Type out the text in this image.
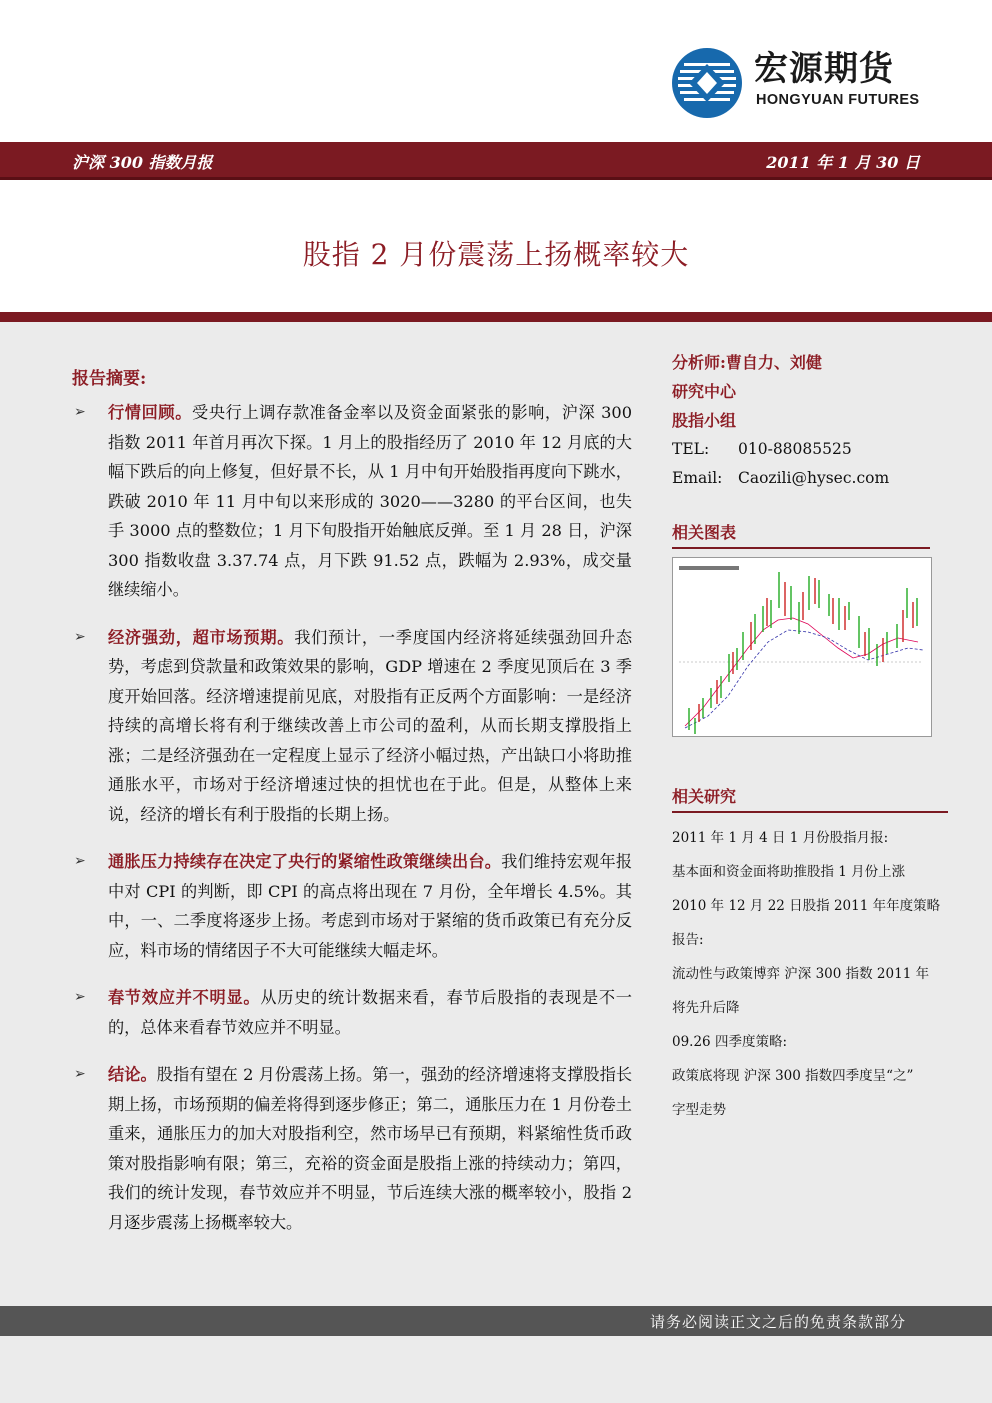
宏源期货
HONGYUAN FUTURES
沪深 300 指数月报	2011 年 1 月 30 日
股指 2 月份震荡上扬概率较大
报告摘要:
➢ 行情回顾。受央行上调存款准备金率以及资金面紧张的影响，沪深 300 指数 2011 年首月再次下探。1 月上的股指经历了 2010 年 12 月底的大幅下跌后的向上修复，但好景不长，从 1 月中旬开始股指再度向下跳水，跌破 2010 年 11 月中旬以来形成的 3020——3280 的平台区间，也失手 3000 点的整数位；1 月下旬股指开始触底反弹。至 1 月 28 日，沪深 300 指数收盘 3.37.74 点，月下跌 91.52 点，跌幅为 2.93%，成交量继续缩小。
➢ 经济强劲，超市场预期。我们预计，一季度国内经济将延续强劲回升态势，考虑到贷款量和政策效果的影响，GDP 增速在 2 季度见顶后在 3 季度开始回落。经济增速提前见底，对股指有正反两个方面影响：一是经济持续的高增长将有利于继续改善上市公司的盈利，从而长期支撑股指上涨；二是经济强劲在一定程度上显示了经济小幅过热，产出缺口小将助推通胀水平，市场对于经济增速过快的担忧也在于此。但是，从整体上来说，经济的增长有利于股指的长期上扬。
➢ 通胀压力持续存在决定了央行的紧缩性政策继续出台。我们维持宏观年报中对 CPI 的判断，即 CPI 的高点将出现在 7 月份，全年增长 4.5%。其中，一、二季度将逐步上扬。考虑到市场对于紧缩的货币政策已有充分反应，料市场的情绪因子不大可能继续大幅走坏。
➢ 春节效应并不明显。从历史的统计数据来看，春节后股指的表现是不一的，总体来看春节效应并不明显。
➢ 结论。股指有望在 2 月份震荡上扬。第一，强劲的经济增速将支撑股指长期上扬，市场预期的偏差将得到逐步修正；第二，通胀压力在 1 月份卷土重来，通胀压力的加大对股指利空，然市场早已有预期，料紧缩性货币政策对股指影响有限；第三，充裕的资金面是股指上涨的持续动力；第四，我们的统计发现，春节效应并不明显，节后连续大涨的概率较小，股指 2 月逐步震荡上扬概率较大。
分析师:曹自力、刘健
研究中心
股指小组
TEL: 010-88085525
Email: Caozili@hysec.com
相关图表
相关研究
2011 年 1 月 4 日 1 月份股指月报:
基本面和资金面将助推股指 1 月份上涨
2010 年 12 月 22 日股指 2011 年年度策略
报告:
流动性与政策博弈 沪深 300 指数 2011 年
将先升后降
09.26 四季度策略:
政策底将现 沪深 300 指数四季度呈“之”
字型走势
请务必阅读正文之后的免责条款部分
